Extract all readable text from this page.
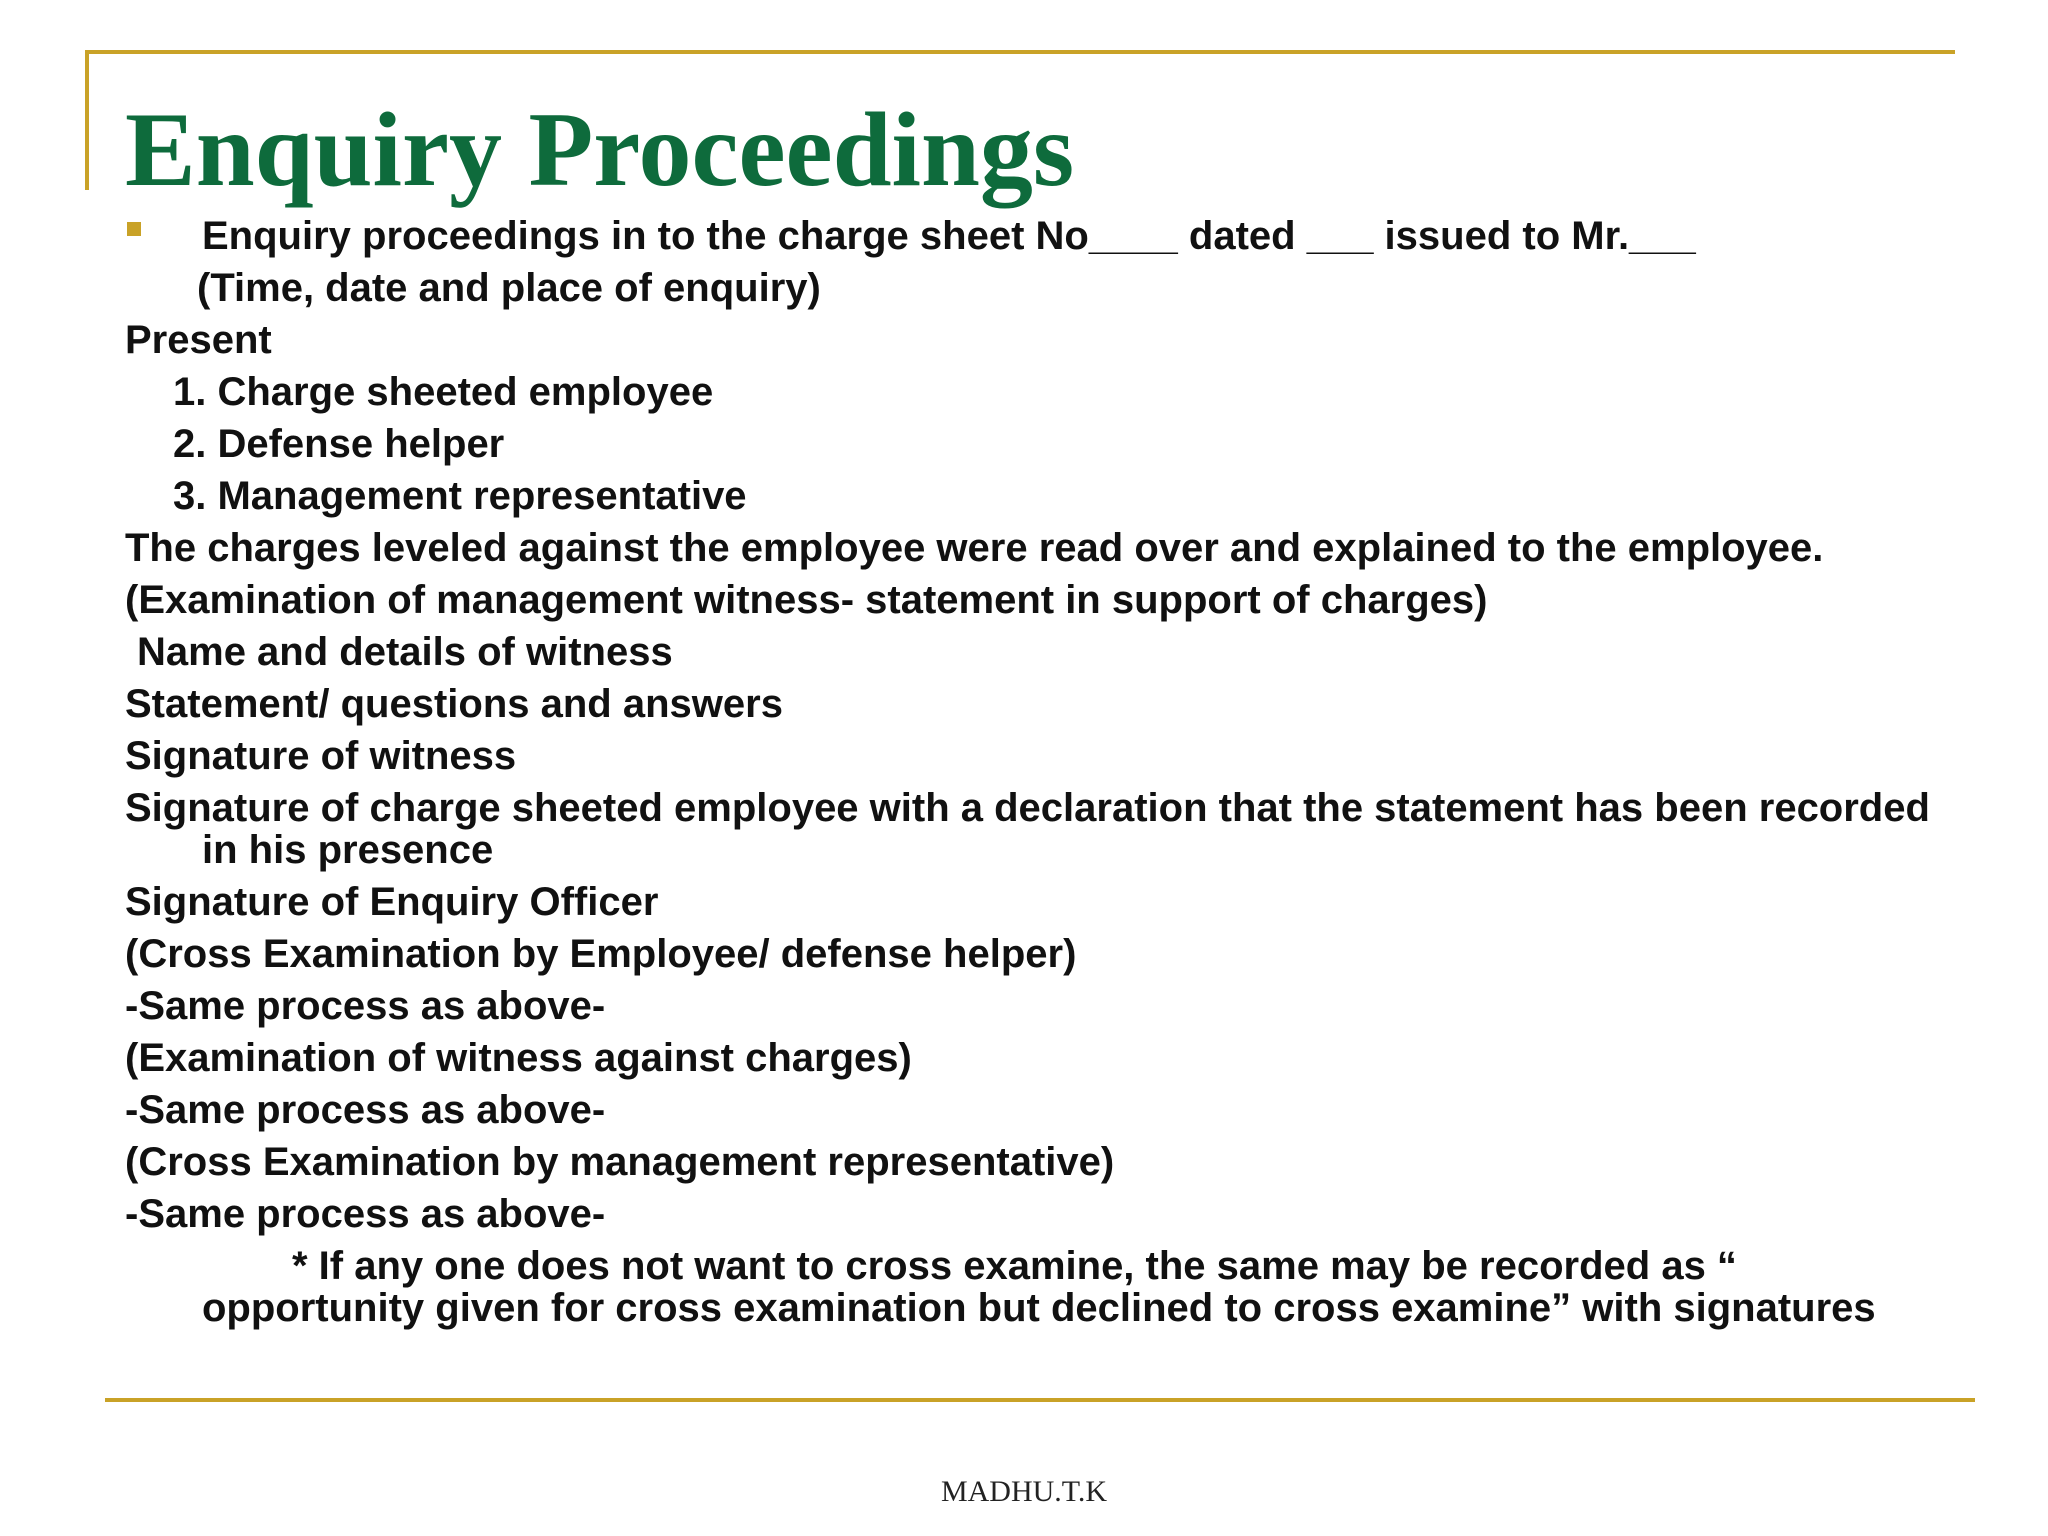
Enquiry Proceedings
Enquiry proceedings in to the charge sheet No____ dated ___ issued to Mr.___
(Time, date and place of enquiry)
Present
1. Charge sheeted employee
2. Defense helper
3. Management representative
The charges leveled against the employee were read over and explained to the employee.
(Examination of management witness- statement in support of charges)
Name and details of witness
Statement/ questions and answers
Signature of witness
Signature of charge sheeted employee with a declaration that the statement has been recorded in his presence
Signature of Enquiry Officer
(Cross Examination by Employee/ defense helper)
-Same process as above-
(Examination of witness against charges)
-Same process as above-
(Cross Examination by management representative)
-Same process as above-
* If any one does not want to cross examine, the same may be recorded as “ opportunity given for cross examination but declined to cross examine” with signatures
MADHU.T.K
